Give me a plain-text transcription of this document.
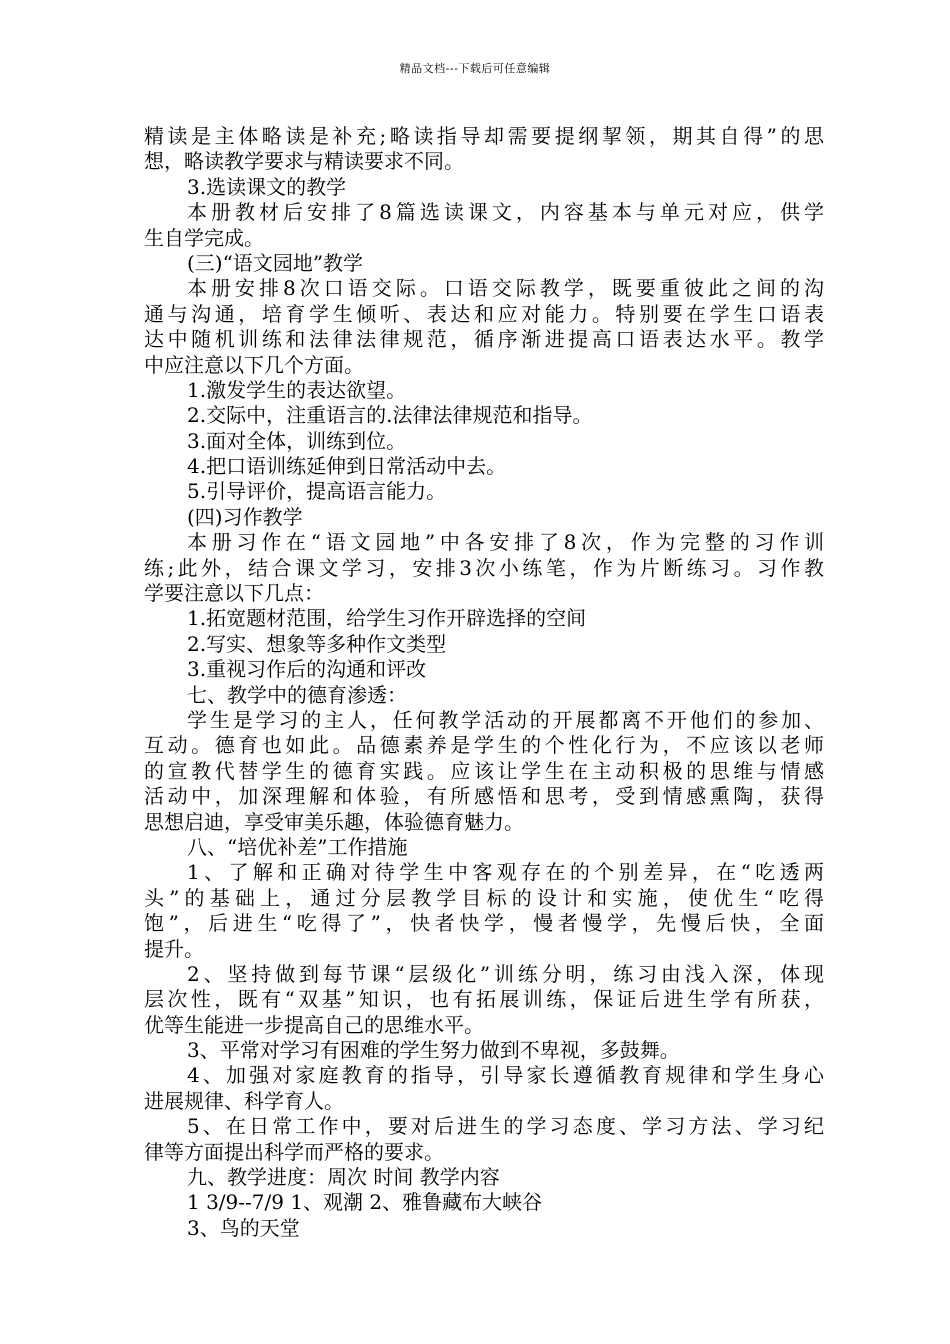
精品文档---下载后可任意编辑
精读是主体略读是补充;略读指导却需要提纲挈领，期其自得”的思
想，略读教学要求与精读要求不同。
3.选读课文的教学
本册教材后安排了8篇选读课文，内容基本与单元对应，供学
生自学完成。
(三)“语文园地”教学
本册安排8次口语交际。口语交际教学，既要重彼此之间的沟
通与沟通，培育学生倾听、表达和应对能力。特别要在学生口语表
达中随机训练和法律法律规范，循序渐进提高口语表达水平。教学
中应注意以下几个方面。
1.激发学生的表达欲望。
2.交际中，注重语言的.法律法律规范和指导。
3.面对全体，训练到位。
4.把口语训练延伸到日常活动中去。
5.引导评价，提高语言能力。
(四)习作教学
本册习作在“语文园地”中各安排了8次，作为完整的习作训
练;此外，结合课文学习，安排3次小练笔，作为片断练习。习作教
学要注意以下几点：
1.拓宽题材范围，给学生习作开辟选择的空间
2.写实、想象等多种作文类型
3.重视习作后的沟通和评改
七、教学中的德育渗透：
学生是学习的主人，任何教学活动的开展都离不开他们的参加、
互动。德育也如此。品德素养是学生的个性化行为，不应该以老师
的宣教代替学生的德育实践。应该让学生在主动积极的思维与情感
活动中，加深理解和体验，有所感悟和思考，受到情感熏陶，获得
思想启迪，享受审美乐趣，体验德育魅力。
八、“培优补差”工作措施
1、了解和正确对待学生中客观存在的个别差异，在“吃透两
头”的基础上，通过分层教学目标的设计和实施，使优生“吃得
饱”，后进生“吃得了”，快者快学，慢者慢学，先慢后快，全面
提升。
2、坚持做到每节课“层级化”训练分明，练习由浅入深，体现
层次性，既有“双基”知识，也有拓展训练，保证后进生学有所获，
优等生能进一步提高自己的思维水平。
3、平常对学习有困难的学生努力做到不卑视，多鼓舞。
4、加强对家庭教育的指导，引导家长遵循教育规律和学生身心
进展规律、科学育人。
5、在日常工作中，要对后进生的学习态度、学习方法、学习纪
律等方面提出科学而严格的要求。
九、教学进度：周次 时间 教学内容
1 3/9--7/9 1、观潮 2、雅鲁藏布大峡谷
3、鸟的天堂
